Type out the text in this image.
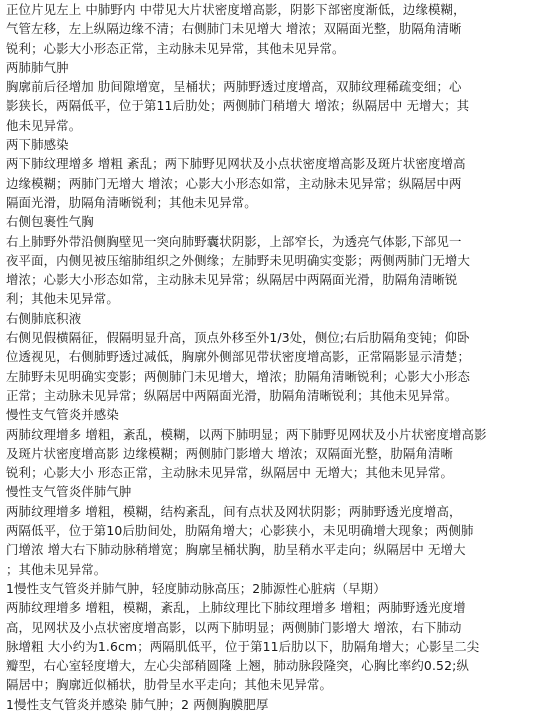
正位片见左上 中肺野内 中带见大片状密度增高影，阴影下部密度渐低，边缘模糊，
气管左移，左上纵隔边缘不清；右侧肺门未见增大 增浓；双隔面光整，肋隔角清晰
锐利；心影大小形态正常，主动脉未见异常，其他未见异常。
两肺肺气肿
胸廓前后径增加 肋间隙增宽，呈桶状；两肺野透过度增高，双肺纹理稀疏变细；心
影狭长，两隔低平，位于第11后肋处；两侧肺门稍增大 增浓；纵隔居中 无增大；其
他未见异常。
两下肺感染
两下肺纹理增多 增粗 紊乱；两下肺野见网状及小点状密度增高影及斑片状密度增高
边缘模糊；两肺门无增大 增浓；心影大小形态如常，主动脉未见异常；纵隔居中两
隔面光滑，肋隔角清晰锐利；其他未见异常。
右侧包裹性气胸
右上肺野外带沿侧胸壁见一突向肺野囊状阴影，上部窄长，为透亮气体影,下部见一
夜平面，内侧见被压缩肺组织之外侧缘；左肺野未见明确实变影；两侧两肺门无增大
增浓；心影大小形态如常，主动脉未见异常；纵隔居中两隔面光滑，肋隔角清晰锐
利；其他未见异常。
右侧肺底积液
右侧见假横隔征，假隔明显升高，顶点外移至外1/3处，侧位;右后肋隔角变钝；仰卧
位透视见，右侧肺野透过减低，胸廓外侧部见带状密度增高影，正常隔影显示清楚；
左肺野未见明确实变影；两侧肺门未见增大，增浓；肋隔角清晰锐利；心影大小形态
正常；主动脉未见异常；纵隔居中两隔面光滑，肋隔角清晰锐利；其他未见异常。
慢性支气管炎并感染
两肺纹理增多 增粗，紊乱，模糊，以两下肺明显；两下肺野见网状及小片状密度增高影
及斑片状密度增高影 边缘模糊；两侧肺门影增大 增浓；双隔面光整，肋隔角清晰
锐利；心影大小 形态正常，主动脉未见异常，纵隔居中 无增大；其他未见异常。
慢性支气管炎伴肺气肿
两肺纹理增多 增粗，模糊，结构紊乱，间有点状及网状阴影；两肺野透光度增高，
两隔低平，位于第10后肋间处，肋隔角增大；心影狭小，未见明确增大现象；两侧肺
门增浓 增大右下肺动脉稍增宽；胸廓呈桶状胸，肋呈稍水平走向；纵隔居中 无增大
；其他未见异常。
1慢性支气管炎并肺气肿，轻度肺动脉高压；2肺源性心脏病（早期）
两肺纹理增多 增粗，模糊，紊乱，上肺纹理比下肺纹理增多 增粗；两肺野透光度增
高，见网状及小点状密度增高影，以两下肺明显；两侧肺门影增大 增浓，右下肺动
脉增粗 大小约为1.6cm；两隔肌低平，位于第11后肋以下，肋隔角增大；心影呈二尖
瓣型，右心室轻度增大，左心尖部稍圆隆 上翘，肺动脉段隆突，心胸比率约0.52;纵
隔居中；胸廓近似桶状，肋骨呈水平走向；其他未见异常。
1慢性支气管炎并感染 肺气肿；2 两侧胸膜肥厚
